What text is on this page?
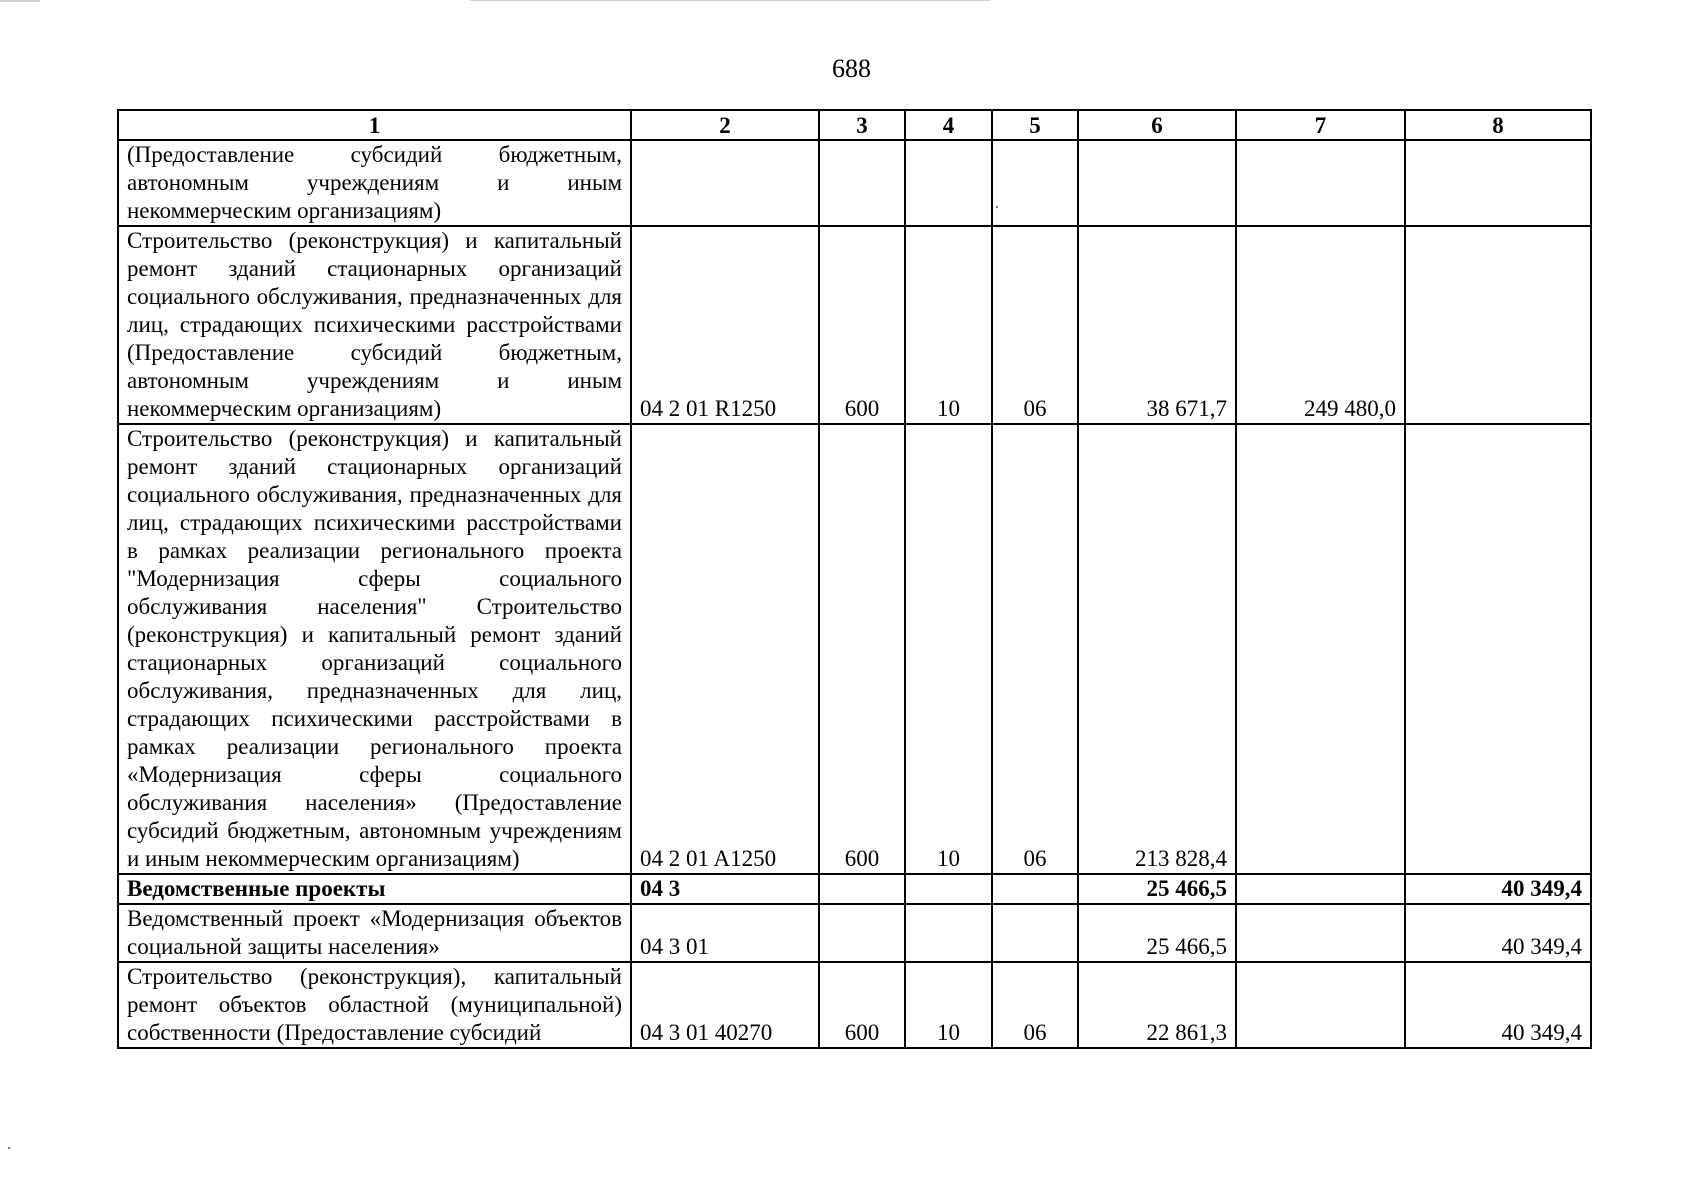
688
1	2	3	4	5	6	7	8
(Предоставление субсидий бюджетным, автономным учреждениям и иным некоммерческим организациям)							
Строительство (реконструкция) и капитальный ремонт зданий стационарных организаций социального обслуживания, предназначенных для лиц, страдающих психическими расстройствами (Предоставление субсидий бюджетным, автономным учреждениям и иным некоммерческим организациям)	04 2 01 R1250	600	10	06	38 671,7	249 480,0	
Строительство (реконструкция) и капитальный ремонт зданий стационарных организаций социального обслуживания, предназначенных для лиц, страдающих психическими расстройствами в рамках реализации регионального проекта "Модернизация сферы социального обслуживания населения" Строительство (реконструкция) и капитальный ремонт зданий стационарных организаций социального обслуживания, предназначенных для лиц, страдающих психическими расстройствами в рамках реализации регионального проекта «Модернизация сферы социального обслуживания населения» (Предоставление субсидий бюджетным, автономным учреждениям и иным некоммерческим организациям)	04 2 01 A1250	600	10	06	213 828,4		
Ведомственные проекты	04 3				25 466,5		40 349,4
Ведомственный проект «Модернизация объектов социальной защиты населения»	04 3 01				25 466,5		40 349,4
Строительство (реконструкция), капитальный ремонт объектов областной (муниципальной) собственности (Предоставление субсидий	04 3 01 40270	600	10	06	22 861,3		40 349,4
